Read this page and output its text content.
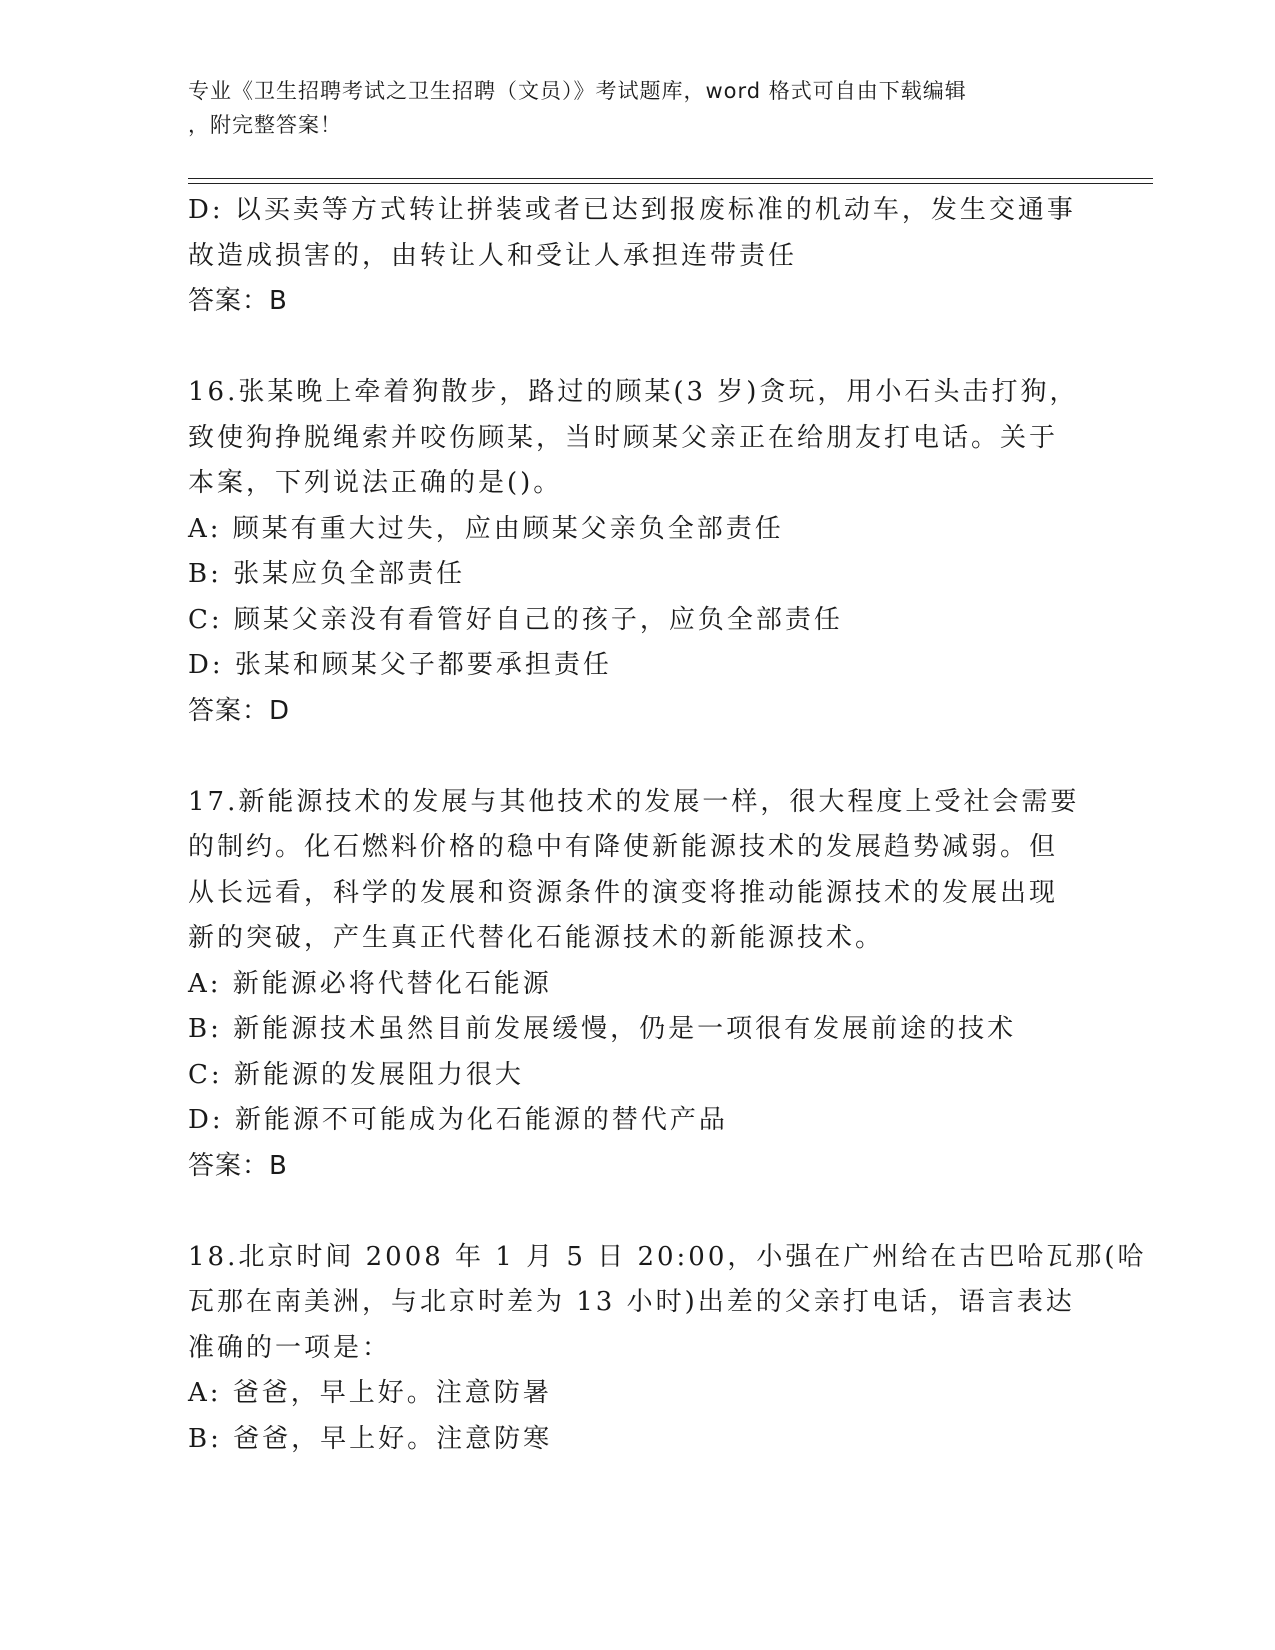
专业《卫生招聘考试之卫生招聘（文员）》考试题库，word 格式可自由下载编辑
，附完整答案！
D: 以买卖等方式转让拼装或者已达到报废标准的机动车，发生交通事
故造成损害的，由转让人和受让人承担连带责任
答案：B
16.张某晚上牵着狗散步，路过的顾某(3 岁)贪玩，用小石头击打狗，
致使狗挣脱绳索并咬伤顾某，当时顾某父亲正在给朋友打电话。关于
本案，下列说法正确的是()。
A: 顾某有重大过失，应由顾某父亲负全部责任
B: 张某应负全部责任
C: 顾某父亲没有看管好自己的孩子，应负全部责任
D: 张某和顾某父子都要承担责任
答案：D
17.新能源技术的发展与其他技术的发展一样，很大程度上受社会需要
的制约。化石燃料价格的稳中有降使新能源技术的发展趋势减弱。但
从长远看，科学的发展和资源条件的演变将推动能源技术的发展出现
新的突破，产生真正代替化石能源技术的新能源技术。
A: 新能源必将代替化石能源
B: 新能源技术虽然目前发展缓慢，仍是一项很有发展前途的技术
C: 新能源的发展阻力很大
D: 新能源不可能成为化石能源的替代产品
答案：B
18.北京时间 2008 年 1 月 5 日 20:00，小强在广州给在古巴哈瓦那(哈
瓦那在南美洲，与北京时差为 13 小时)出差的父亲打电话，语言表达
准确的一项是：
A: 爸爸，早上好。注意防暑
B: 爸爸，早上好。注意防寒
